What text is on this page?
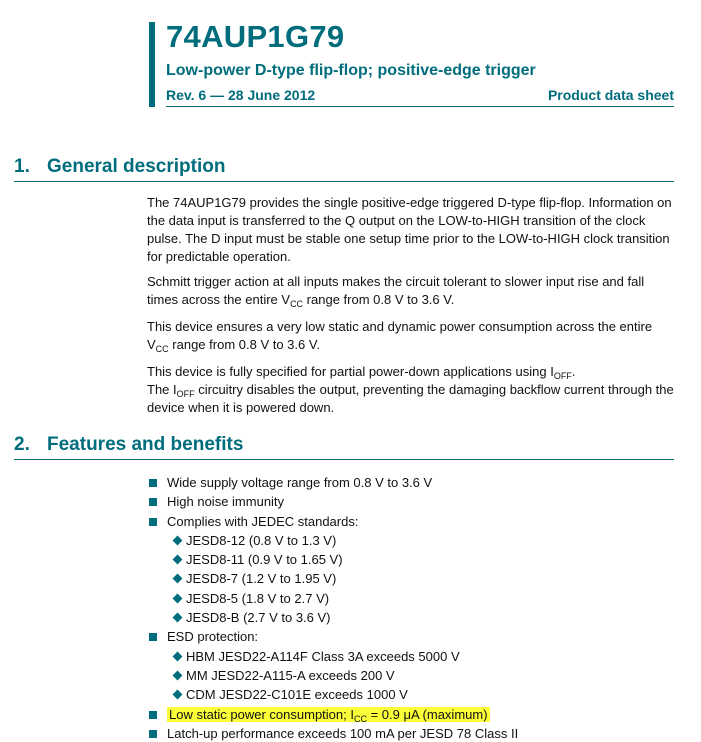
74AUP1G79
Low-power D-type flip-flop; positive-edge trigger
Rev. 6 — 28 June 2012	Product data sheet
1. General description

The 74AUP1G79 provides the single positive-edge triggered D-type flip-flop. Information on the data input is transferred to the Q output on the LOW-to-HIGH transition of the clock pulse. The D input must be stable one setup time prior to the LOW-to-HIGH clock transition for predictable operation.

Schmitt trigger action at all inputs makes the circuit tolerant to slower input rise and fall times across the entire $V_{CC}$ range from 0.8 V to 3.6 V.

This device ensures a very low static and dynamic power consumption across the entire $V_{CC}$ range from 0.8 V to 3.6 V.

This device is fully specified for partial power-down applications using $I_{OFF}$.
The $I_{OFF}$ circuitry disables the output, preventing the damaging backflow current through the device when it is powered down.

2. Features and benefits
Wide supply voltage range from 0.8 V to 3.6 V
High noise immunity
Complies with JEDEC standards:
JESD8-12 (0.8 V to 1.3 V)
JESD8-11 (0.9 V to 1.65 V)
JESD8-7 (1.2 V to 1.95 V)
JESD8-5 (1.8 V to 2.7 V)
JESD8-B (2.7 V to 3.6 V)
ESD protection:
HBM JESD22-A114F Class 3A exceeds 5000 V
MM JESD22-A115-A exceeds 200 V
CDM JESD22-C101E exceeds 1000 V
Low static power consumption; $I_{CC} = 0.9$ μA (maximum)
Latch-up performance exceeds 100 mA per JESD 78 Class II
